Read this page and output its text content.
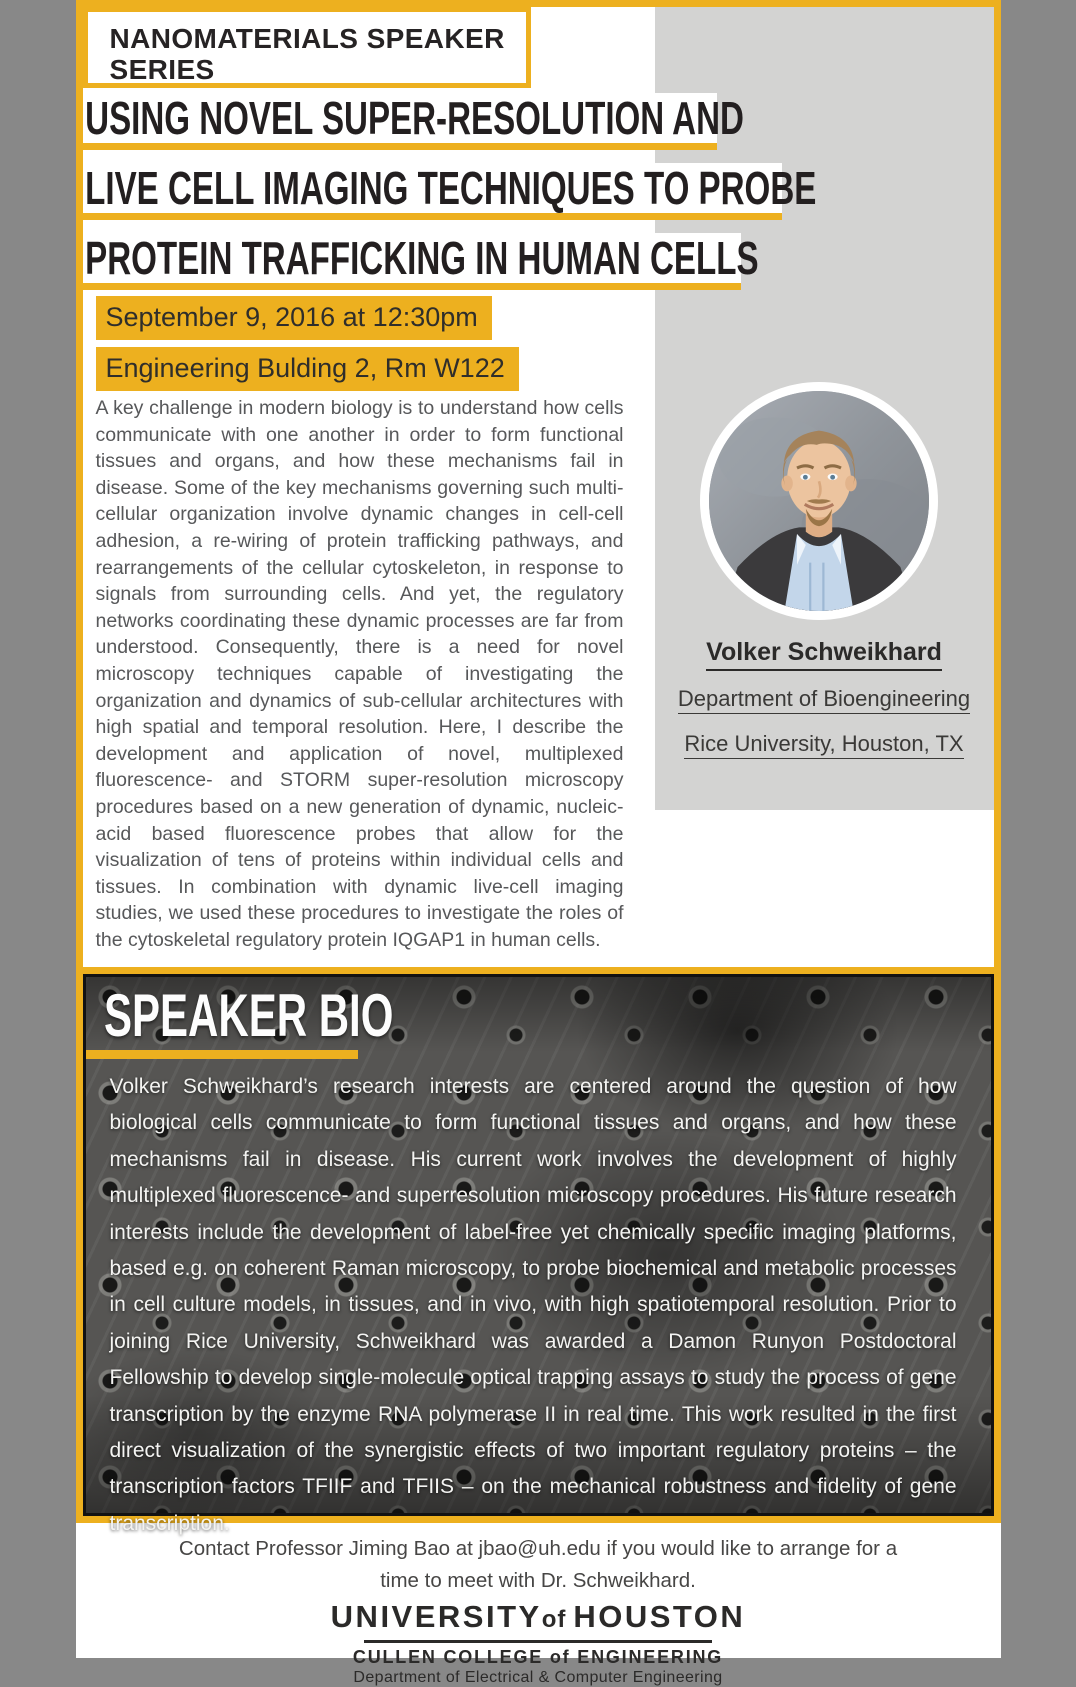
NANOMATERIALS SPEAKER SERIES
USING NOVEL SUPER-RESOLUTION AND
LIVE CELL IMAGING TECHNIQUES TO PROBE
PROTEIN TRAFFICKING IN HUMAN CELLS
September 9, 2016 at 12:30pm
Engineering Bulding 2, Rm W122

A key challenge in modern biology is to understand how cells communicate with one another in order to form functional tissues and organs, and how these mechanisms fail in disease. Some of the key mechanisms governing such multi-cellular organization involve dynamic changes in cell-cell adhesion, a re-wiring of protein trafficking pathways, and rearrangements of the cellular cytoskeleton, in response to signals from surrounding cells. And yet, the regulatory networks coordinating these dynamic processes are far from understood. Consequently, there is a need for novel microscopy techniques capable of investigating the organization and dynamics of sub-cellular architectures with high spatial and temporal resolution. Here, I describe the development and application of novel, multiplexed fluorescence- and STORM super-resolution microscopy procedures based on a new generation of dynamic, nucleic-acid based fluorescence probes that allow for the visualization of tens of proteins within individual cells and tissues. In combination with dynamic live-cell imaging studies, we used these procedures to investigate the roles of the cytoskeletal regulatory protein IQGAP1 in human cells.

Volker Schweikhard
Department of Bioengineering
Rice University, Houston, TX
SPEAKER BIO

Volker Schweikhard’s research interests are centered around the question of how biological cells communicate to form functional tissues and organs, and how these mechanisms fail in disease. His current work involves the development of highly multiplexed fluorescence- and superresolution microscopy procedures. His future research interests include the development of label-free yet chemically specific imaging platforms, based e.g. on coherent Raman microscopy, to probe biochemical and metabolic processes in cell culture models, in tissues, and in vivo, with high spatiotemporal resolution. Prior to joining Rice University, Schweikhard was awarded a Damon Runyon Postdoctoral Fellowship to develop single-molecule optical trapping assays to study the process of gene transcription by the enzyme RNA polymerase II in real time. This work resulted in the first direct visualization of the synergistic effects of two important regulatory proteins – the transcription factors TFIIF and TFIIS – on the mechanical robustness and fidelity of gene transcription.

Contact Professor Jiming Bao at jbao@uh.edu if you would like to arrange for a
time to meet with Dr. Schweikhard.

UNIVERSITYof HOUSTON
CULLEN COLLEGE of ENGINEERING
Department of Electrical & Computer Engineering
